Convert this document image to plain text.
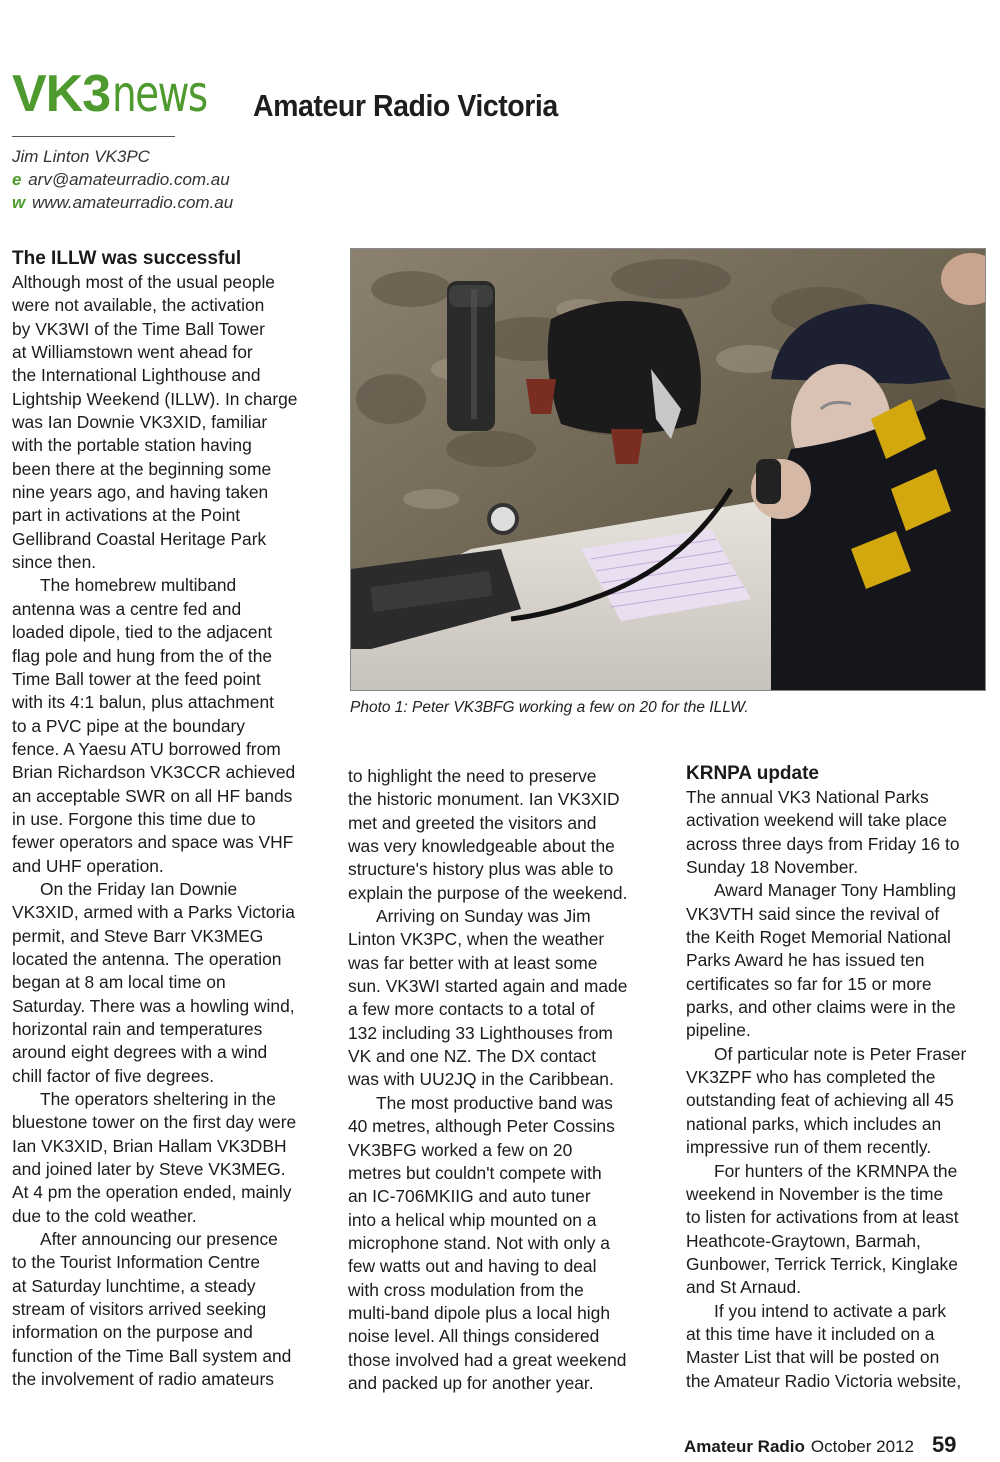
VK3news	Amateur Radio Victoria
Jim Linton VK3PC
e arv@amateurradio.com.au
w www.amateurradio.com.au
The ILLW was successful

Although most of the usual people
were not available, the activation
by VK3WI of the Time Ball Tower
at Williamstown went ahead for
the International Lighthouse and
Lightship Weekend (ILLW). In charge
was Ian Downie VK3XID, familiar
with the portable station having
been there at the beginning some
nine years ago, and having taken
part in activations at the Point
Gellibrand Coastal Heritage Park
since then.

The homebrew multiband
antenna was a centre fed and
loaded dipole, tied to the adjacent
flag pole and hung from the of the
Time Ball tower at the feed point
with its 4:1 balun, plus attachment
to a PVC pipe at the boundary
fence. A Yaesu ATU borrowed from
Brian Richardson VK3CCR achieved
an acceptable SWR on all HF bands
in use. Forgone this time due to
fewer operators and space was VHF
and UHF operation.

On the Friday Ian Downie
VK3XID, armed with a Parks Victoria
permit, and Steve Barr VK3MEG
located the antenna. The operation
began at 8 am local time on
Saturday. There was a howling wind,
horizontal rain and temperatures
around eight degrees with a wind
chill factor of five degrees.

The operators sheltering in the
bluestone tower on the first day were
Ian VK3XID, Brian Hallam VK3DBH
and joined later by Steve VK3MEG.
At 4 pm the operation ended, mainly
due to the cold weather.

After announcing our presence
to the Tourist Information Centre
at Saturday lunchtime, a steady
stream of visitors arrived seeking
information on the purpose and
function of the Time Ball system and
the involvement of radio amateurs

Photo 1: Peter VK3BFG working a few on 20 for the ILLW.

to highlight the need to preserve
the historic monument. Ian VK3XID
met and greeted the visitors and
was very knowledgeable about the
structure's history plus was able to
explain the purpose of the weekend.

Arriving on Sunday was Jim
Linton VK3PC, when the weather
was far better with at least some
sun. VK3WI started again and made
a few more contacts to a total of
132 including 33 Lighthouses from
VK and one NZ. The DX contact
was with UU2JQ in the Caribbean.

The most productive band was
40 metres, although Peter Cossins
VK3BFG worked a few on 20
metres but couldn't compete with
an IC-706MKIIG and auto tuner
into a helical whip mounted on a
microphone stand. Not with only a
few watts out and having to deal
with cross modulation from the
multi-band dipole plus a local high
noise level. All things considered
those involved had a great weekend
and packed up for another year.

KRNPA update

The annual VK3 National Parks
activation weekend will take place
across three days from Friday 16 to
Sunday 18 November.

Award Manager Tony Hambling
VK3VTH said since the revival of
the Keith Roget Memorial National
Parks Award he has issued ten
certificates so far for 15 or more
parks, and other claims were in the
pipeline.

Of particular note is Peter Fraser
VK3ZPF who has completed the
outstanding feat of achieving all 45
national parks, which includes an
impressive run of them recently.

For hunters of the KRMNPA the
weekend in November is the time
to listen for activations from at least
Heathcote-Graytown, Barmah,
Gunbower, Terrick Terrick, Kinglake
and St Arnaud.

If you intend to activate a park
at this time have it included on a
Master List that will be posted on
the Amateur Radio Victoria website,

Amateur Radio October 2012 59
